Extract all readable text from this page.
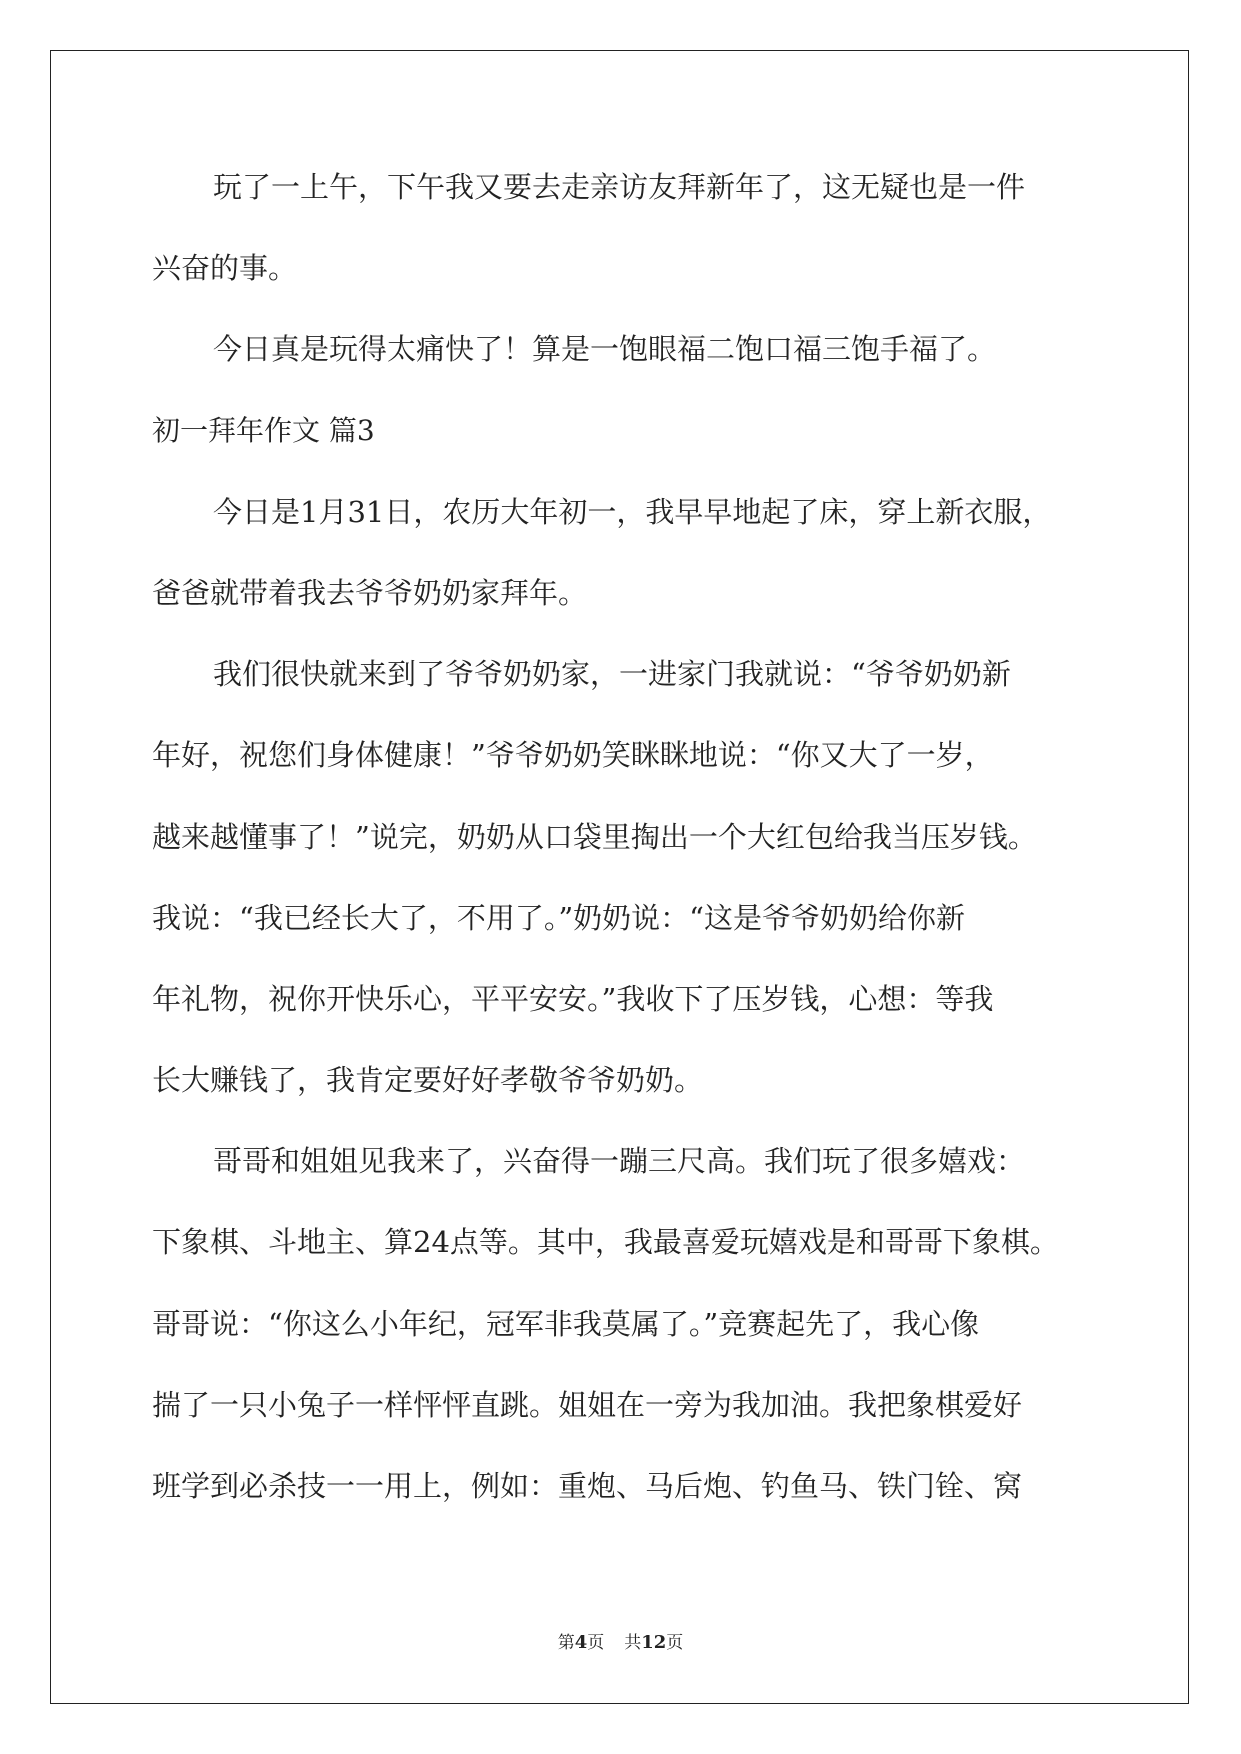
玩了一上午，下午我又要去走亲访友拜新年了，这无疑也是一件

兴奋的事。

今日真是玩得太痛快了！算是一饱眼福二饱口福三饱手福了。

初一拜年作文 篇3

今日是1月31日，农历大年初一，我早早地起了床，穿上新衣服，

爸爸就带着我去爷爷奶奶家拜年。

我们很快就来到了爷爷奶奶家，一进家门我就说：“爷爷奶奶新

年好，祝您们身体健康！”爷爷奶奶笑眯眯地说：“你又大了一岁，

越来越懂事了！”说完，奶奶从口袋里掏出一个大红包给我当压岁钱。

我说：“我已经长大了，不用了。”奶奶说：“这是爷爷奶奶给你新

年礼物，祝你开快乐心，平平安安。”我收下了压岁钱，心想：等我

长大赚钱了，我肯定要好好孝敬爷爷奶奶。

哥哥和姐姐见我来了，兴奋得一蹦三尺高。我们玩了很多嬉戏：

下象棋、斗地主、算24点等。其中，我最喜爱玩嬉戏是和哥哥下象棋。

哥哥说：“你这么小年纪，冠军非我莫属了。”竞赛起先了，我心像

揣了一只小兔子一样怦怦直跳。姐姐在一旁为我加油。我把象棋爱好

班学到必杀技一一用上，例如：重炮、马后炮、钓鱼马、铁门铨、窝

第4页 共12页
